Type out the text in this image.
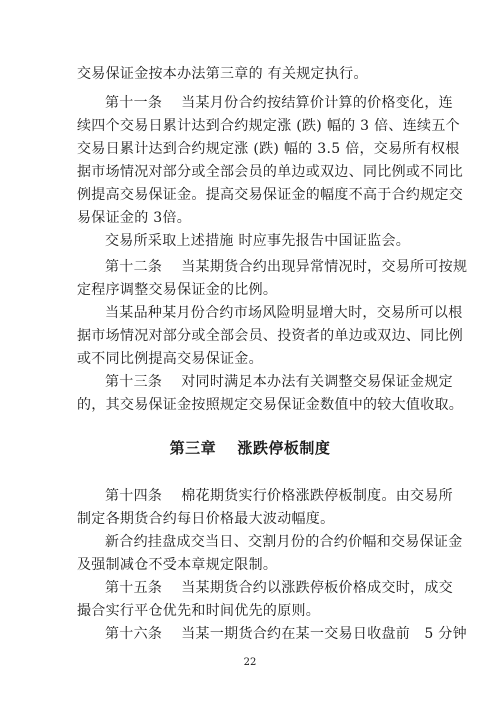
交易保证金按本办法第三章的 有关规定执行。
第十一条　 当某月份合约按结算价计算的价格变化，连
续四个交易日累计达到合约规定涨 (跌) 幅的 3 倍、连续五个
交易日累计达到合约规定涨 (跌) 幅的 3.5 倍，交易所有权根
据市场情况对部分或全部会员的单边或双边、同比例或不同比
例提高交易保证金。提高交易保证金的幅度不高于合约规定交
易保证金的 3倍。
交易所采取上述措施 时应事先报告中国证监会。
第十二条　 当某期货合约出现异常情况时，交易所可按规
定程序调整交易保证金的比例。
当某品种某月份合约市场风险明显增大时，交易所可以根
据市场情况对部分或全部会员、投资者的单边或双边、同比例
或不同比例提高交易保证金。
第十三条　 对同时满足本办法有关调整交易保证金规定
的，其交易保证金按照规定交易保证金数值中的较大值收取。
第三章　 涨跌停板制度
第十四条　 棉花期货实行价格涨跌停板制度。由交易所
制定各期货合约每日价格最大波动幅度。
新合约挂盘成交当日、交割月份的合约价幅和交易保证金
及强制减仓不受本章规定限制。
第十五条　 当某期货合约以涨跌停板价格成交时，成交
撮合实行平仓优先和时间优先的原则。
第十六条　 当某一期货合约在某一交易日收盘前　5 分钟
22
